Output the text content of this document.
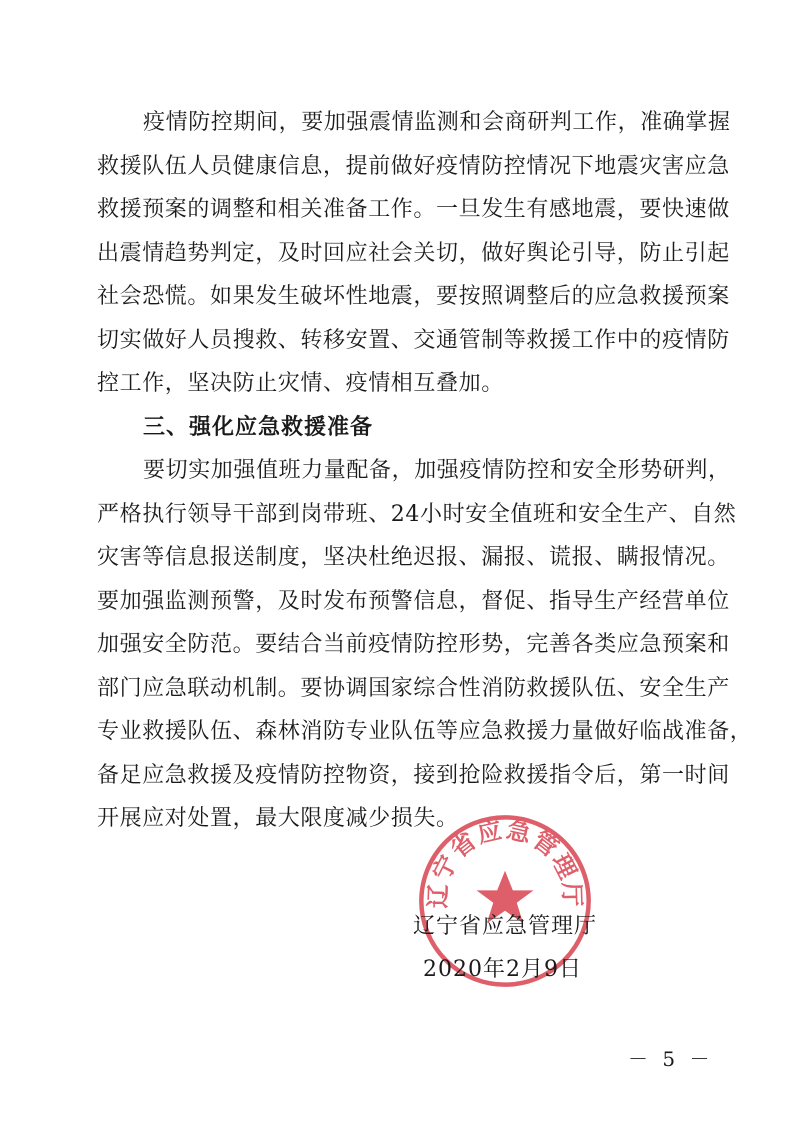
疫情防控期间，要加强震情监测和会商研判工作，准确掌握
救援队伍人员健康信息，提前做好疫情防控情况下地震灾害应急
救援预案的调整和相关准备工作。一旦发生有感地震，要快速做
出震情趋势判定，及时回应社会关切，做好舆论引导，防止引起
社会恐慌。如果发生破坏性地震，要按照调整后的应急救援预案
切实做好人员搜救、转移安置、交通管制等救援工作中的疫情防
控工作，坚决防止灾情、疫情相互叠加。
三、强化应急救援准备
要切实加强值班力量配备，加强疫情防控和安全形势研判，
严格执行领导干部到岗带班、24小时安全值班和安全生产、自然
灾害等信息报送制度，坚决杜绝迟报、漏报、谎报、瞒报情况。
要加强监测预警，及时发布预警信息，督促、指导生产经营单位
加强安全防范。要结合当前疫情防控形势，完善各类应急预案和
部门应急联动机制。要协调国家综合性消防救援队伍、安全生产
专业救援队伍、森林消防专业队伍等应急救援力量做好临战准备，
备足应急救援及疫情防控物资，接到抢险救援指令后，第一时间
开展应对处置，最大限度减少损失。
辽宁省应急管理厅
辽宁省应急管理厅
2020年2月9日
－ 5 －
